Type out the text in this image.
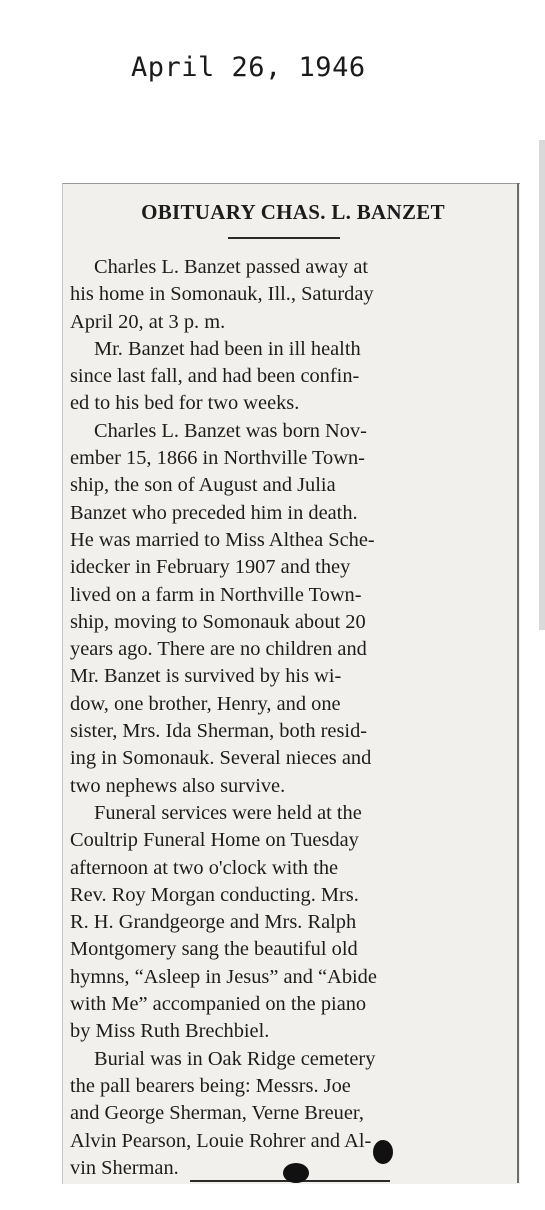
April 26, 1946
OBITUARY CHAS. L. BANZET

Charles L. Banzet passed away at
his home in Somonauk, Ill., Saturday
April 20, at 3 p. m.

Mr. Banzet had been in ill health
since last fall, and had been confin-
ed to his bed for two weeks.

Charles L. Banzet was born Nov-
ember 15, 1866 in Northville Town-
ship, the son of August and Julia
Banzet who preceded him in death.
He was married to Miss Althea Sche-
idecker in February 1907 and they
lived on a farm in Northville Town-
ship, moving to Somonauk about 20
years ago. There are no children and
Mr. Banzet is survived by his wi-
dow, one brother, Henry, and one
sister, Mrs. Ida Sherman, both resid-
ing in Somonauk. Several nieces and
two nephews also survive.

Funeral services were held at the
Coultrip Funeral Home on Tuesday
afternoon at two o'clock with the
Rev. Roy Morgan conducting. Mrs.
R. H. Grandgeorge and Mrs. Ralph
Montgomery sang the beautiful old
hymns, “Asleep in Jesus” and “Abide
with Me” accompanied on the piano
by Miss Ruth Brechbiel.

Burial was in Oak Ridge cemetery
the pall bearers being: Messrs. Joe
and George Sherman, Verne Breuer,
Alvin Pearson, Louie Rohrer and Al-
vin Sherman.
